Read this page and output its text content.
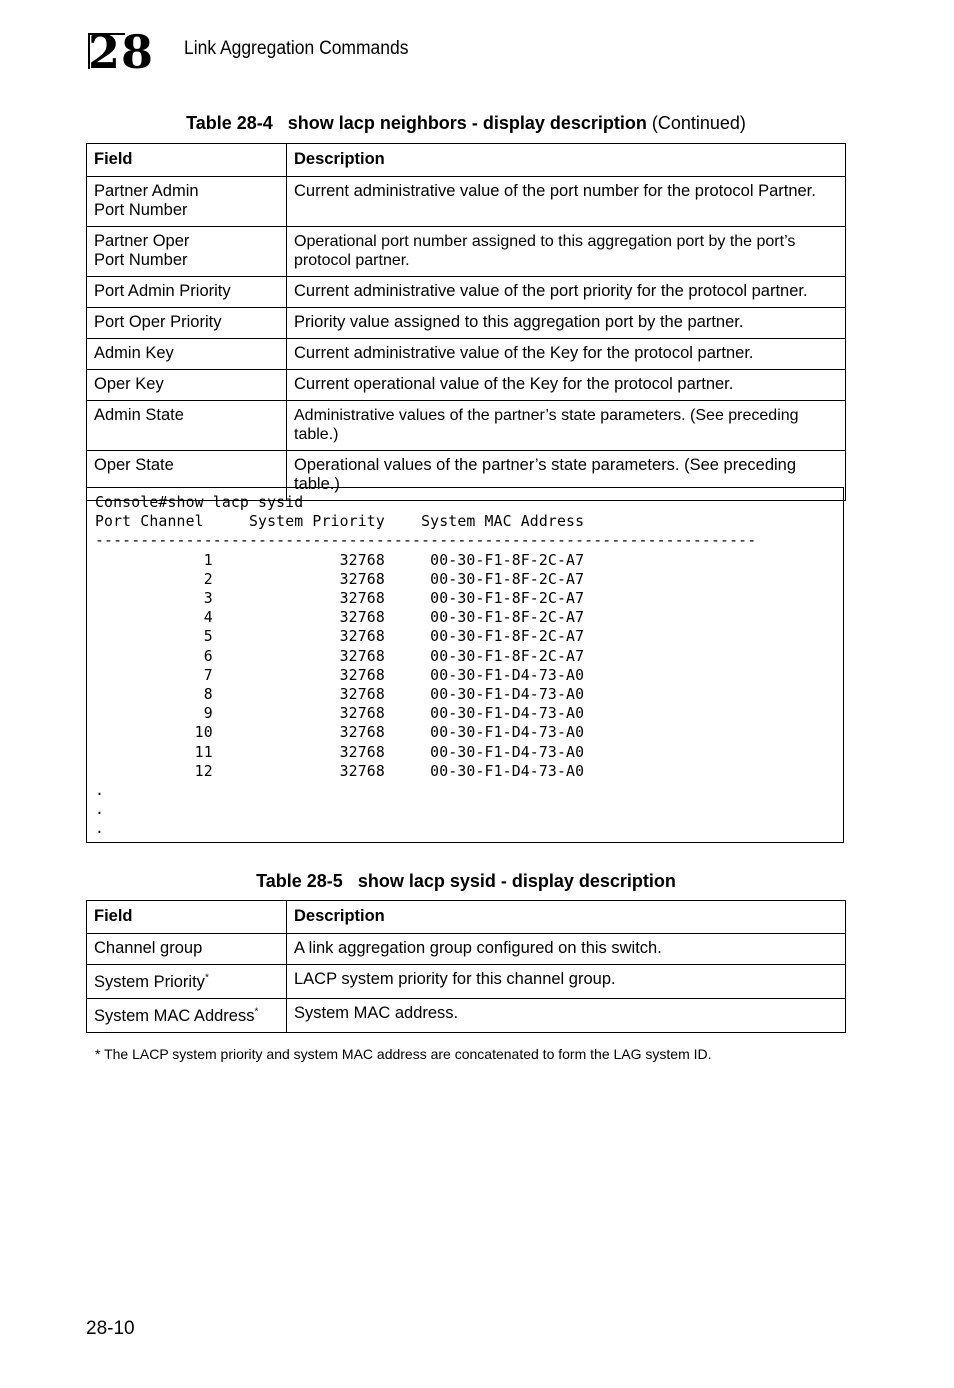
28 Link Aggregation Commands
Table 28-4 show lacp neighbors - display description (Continued)
Field	Description
Partner Admin
Port Number	Current administrative value of the port number for the protocol Partner.
Partner Oper
Port Number	Operational port number assigned to this aggregation port by the port’s protocol partner.
Port Admin Priority	Current administrative value of the port priority for the protocol partner.
Port Oper Priority	Priority value assigned to this aggregation port by the partner.
Admin Key	Current administrative value of the Key for the protocol partner.
Oper Key	Current operational value of the Key for the protocol partner.
Admin State	Administrative values of the partner’s state parameters. (See preceding table.)
Oper State	Operational values of the partner’s state parameters. (See preceding table.)
Console#show lacp sysid
Port Channel     System Priority    System MAC Address
-------------------------------------------------------------------------
1              32768     00-30-F1-8F-2C-A7
2              32768     00-30-F1-8F-2C-A7
3              32768     00-30-F1-8F-2C-A7
4              32768     00-30-F1-8F-2C-A7
5              32768     00-30-F1-8F-2C-A7
6              32768     00-30-F1-8F-2C-A7
7              32768     00-30-F1-D4-73-A0
8              32768     00-30-F1-D4-73-A0
9              32768     00-30-F1-D4-73-A0
10              32768     00-30-F1-D4-73-A0
11              32768     00-30-F1-D4-73-A0
12              32768     00-30-F1-D4-73-A0
.
.
.

Table 28-5 show lacp sysid - display description
Field	Description
Channel group	A link aggregation group configured on this switch.
System Priority*	LACP system priority for this channel group.
System MAC Address*	System MAC address.
* The LACP system priority and system MAC address are concatenated to form the LAG system ID.
28-10
